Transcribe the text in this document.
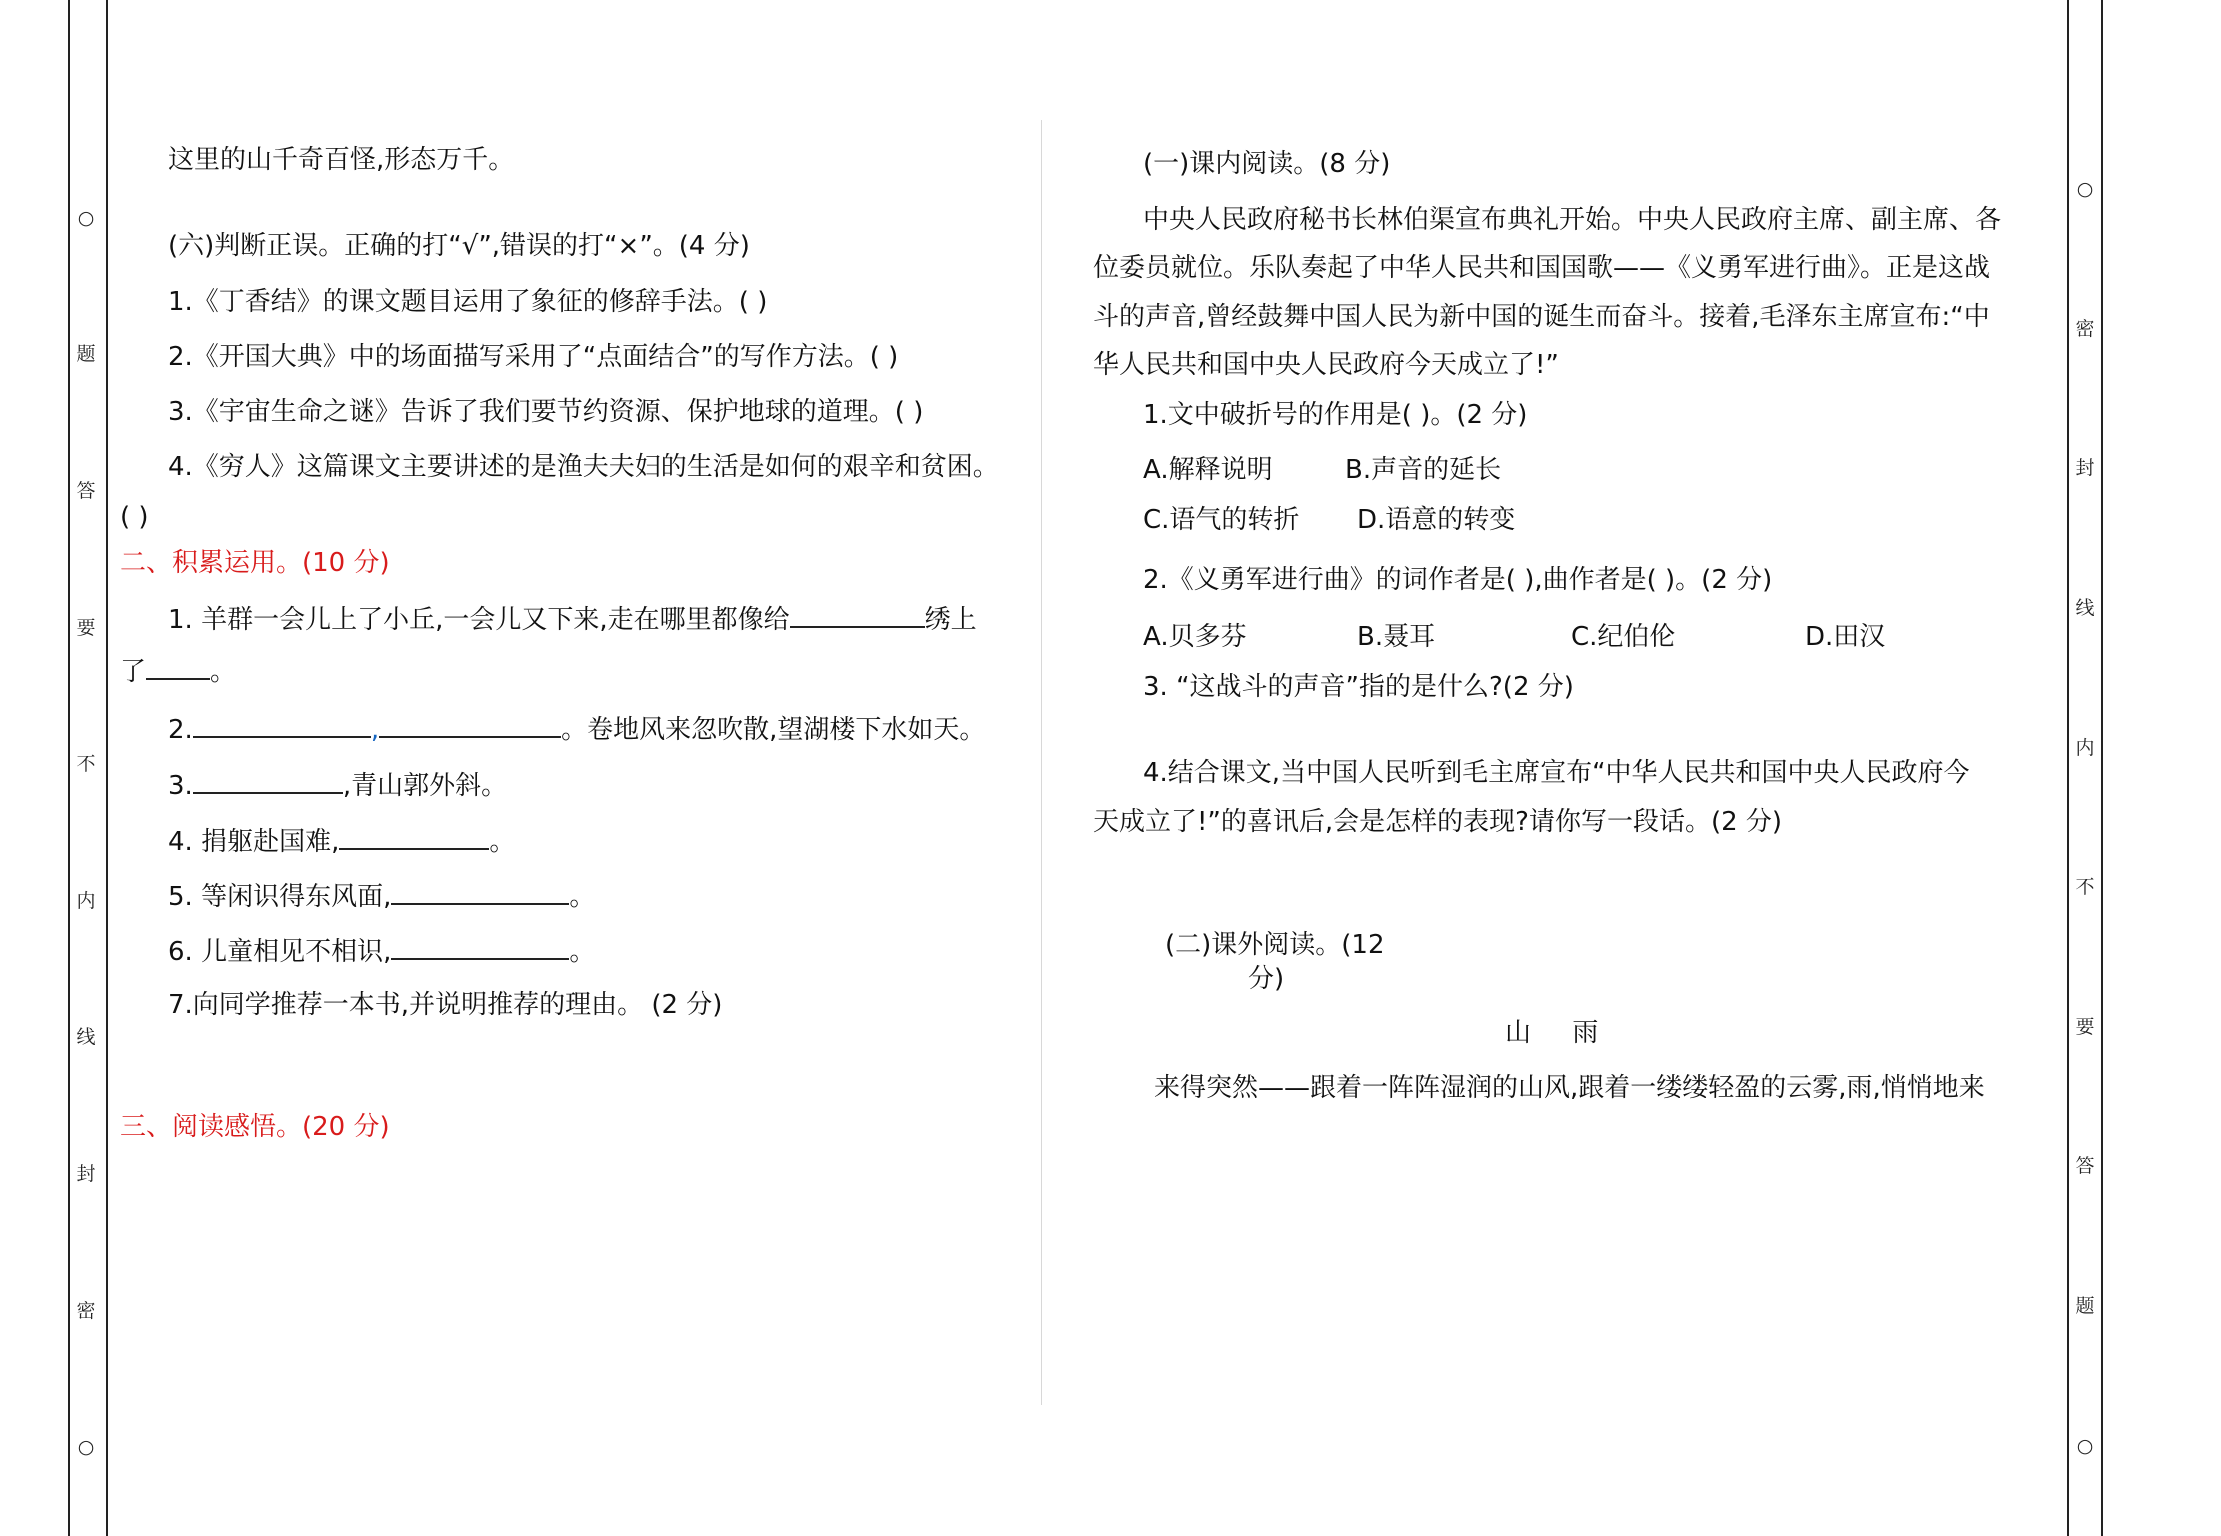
○
题
答
要
不
内
线
封
密
○
○
密
封
线
内
不
要
答
题
○
这里的山千奇百怪,形态万千。
(六)判断正误。正确的打“√”,错误的打“×”。(4 分)
1.《丁香结》的课文题目运用了象征的修辞手法。( )
2.《开国大典》中的场面描写采用了“点面结合”的写作方法。( )
3.《宇宙生命之谜》告诉了我们要节约资源、保护地球的道理。( )
4.《穷人》这篇课文主要讲述的是渔夫夫妇的生活是如何的艰辛和贫困。
( )
二、积累运用。(10 分)
1. 羊群一会儿上了小丘,一会儿又下来,走在哪里都像给	绣上
了 。
2.	,	。卷地风来忽吹散,望湖楼下水如天。
3.	,青山郭外斜。
4. 捐躯赴国难,	。
5. 等闲识得东风面,	。
6. 儿童相见不相识,	。
7.向同学推荐一本书,并说明推荐的理由。 (2 分)
三、阅读感悟。(20 分)
(一)课内阅读。(8 分)
中央人民政府秘书长林伯渠宣布典礼开始。中央人民政府主席、副主席、各
位委员就位。乐队奏起了中华人民共和国国歌——《义勇军进行曲》。正是这战
斗的声音,曾经鼓舞中国人民为新中国的诞生而奋斗。接着,毛泽东主席宣布:“中
华人民共和国中央人民政府今天成立了!”
1.文中破折号的作用是( )。(2 分)
A.解释说明	B.声音的延长
C.语气的转折 D.语意的转变
2.《义勇军进行曲》的词作者是( ),曲作者是( )。(2 分)
A.贝多芬	B.聂耳	C.纪伯伦	D.田汉
3. “这战斗的声音”指的是什么?(2 分)
4.结合课文,当中国人民听到毛主席宣布“中华人民共和国中央人民政府今
天成立了!”的喜讯后,会是怎样的表现?请你写一段话。(2 分)
(二)课外阅读。(12
分)
山     雨
来得突然——跟着一阵阵湿润的山风,跟着一缕缕轻盈的云雾,雨,悄悄地来
